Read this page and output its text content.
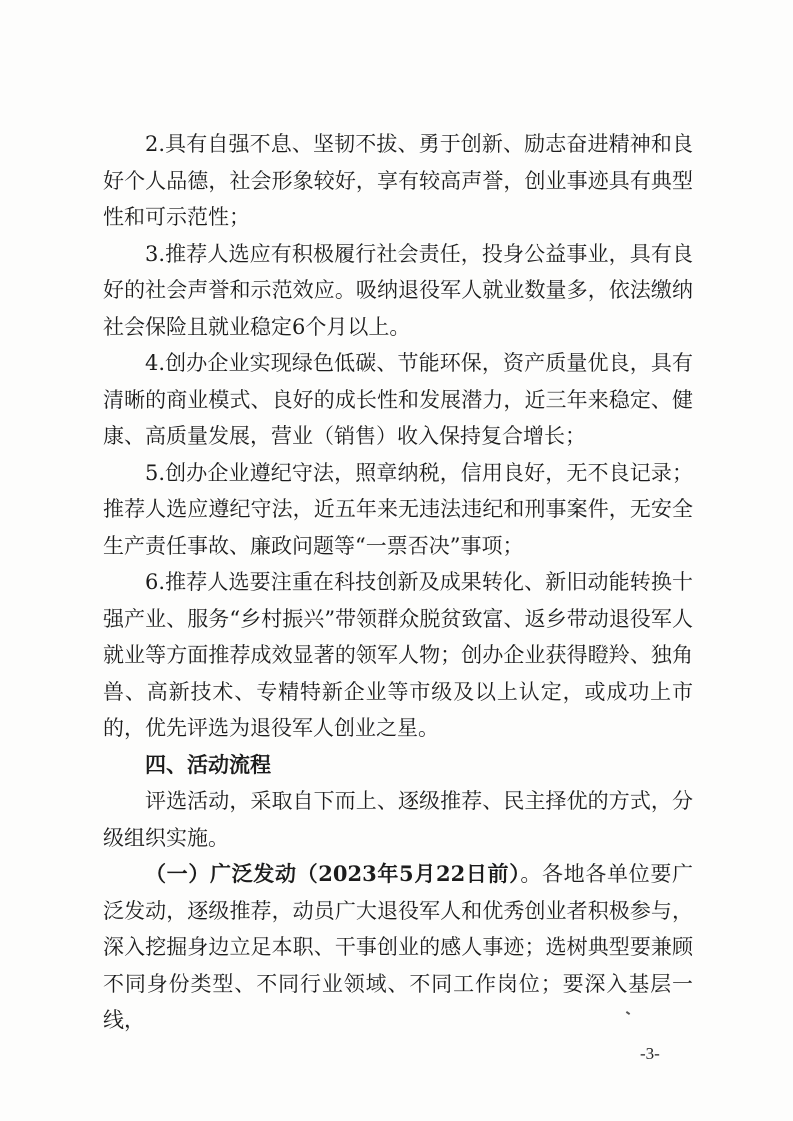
2.具有自强不息、坚韧不拔、勇于创新、励志奋进精神和良好个人品德，社会形象较好，享有较高声誉，创业事迹具有典型性和可示范性；

3.推荐人选应有积极履行社会责任，投身公益事业，具有良好的社会声誉和示范效应。吸纳退役军人就业数量多，依法缴纳社会保险且就业稳定6个月以上。

4.创办企业实现绿色低碳、节能环保，资产质量优良，具有清晰的商业模式、良好的成长性和发展潜力，近三年来稳定、健康、高质量发展，营业（销售）收入保持复合增长；

5.创办企业遵纪守法，照章纳税，信用良好，无不良记录；推荐人选应遵纪守法，近五年来无违法违纪和刑事案件，无安全生产责任事故、廉政问题等“一票否决”事项；

6.推荐人选要注重在科技创新及成果转化、新旧动能转换十强产业、服务“乡村振兴”带领群众脱贫致富、返乡带动退役军人就业等方面推荐成效显著的领军人物；创办企业获得瞪羚、独角兽、高新技术、专精特新企业等市级及以上认定，或成功上市的，优先评选为退役军人创业之星。

四、活动流程

评选活动，采取自下而上、逐级推荐、民主择优的方式，分级组织实施。

（一）广泛发动（2023年5月22日前）。各地各单位要广泛发动，逐级推荐，动员广大退役军人和优秀创业者积极参与，深入挖掘身边立足本职、干事创业的感人事迹；选树典型要兼顾不同身份类型、不同行业领域、不同工作岗位；要深入基层一线，

-3-
